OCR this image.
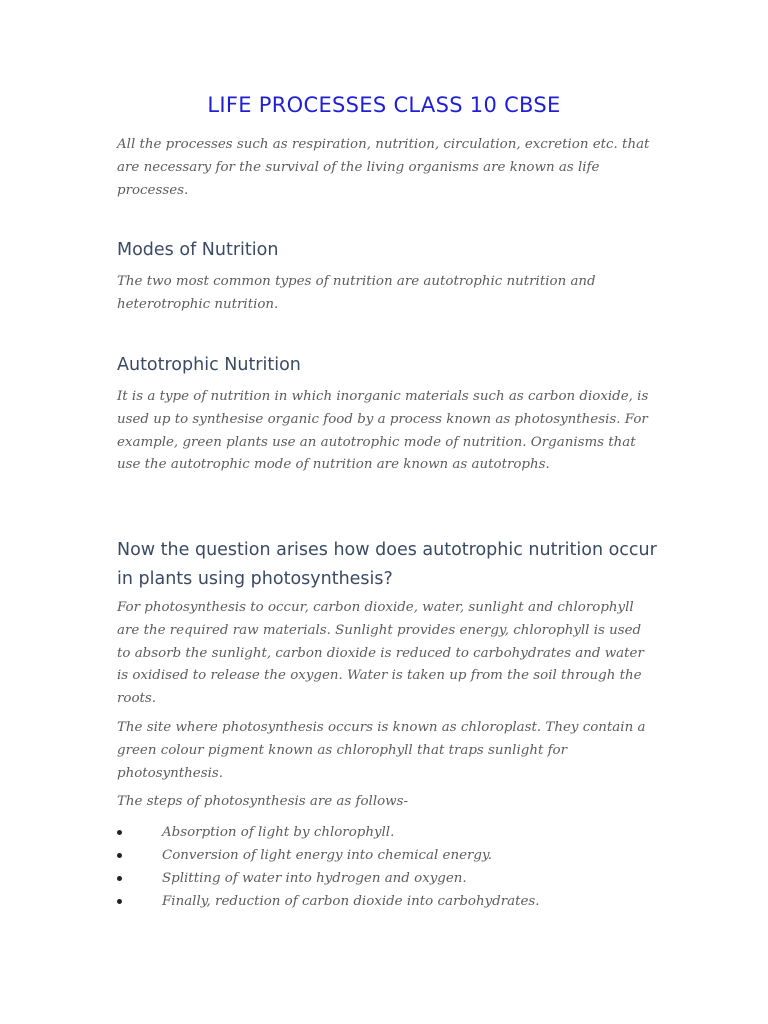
LIFE PROCESSES CLASS 10 CBSE

All the processes such as respiration, nutrition, circulation, excretion etc. that are necessary for the survival of the living organisms are known as life processes.

Modes of Nutrition

The two most common types of nutrition are autotrophic nutrition and heterotrophic nutrition.

Autotrophic Nutrition

It is a type of nutrition in which inorganic materials such as carbon dioxide, is used up to synthesise organic food by a process known as photosynthesis. For example, green plants use an autotrophic mode of nutrition. Organisms that use the autotrophic mode of nutrition are known as autotrophs.

Now the question arises how does autotrophic nutrition occur in plants using photosynthesis?

For photosynthesis to occur, carbon dioxide, water, sunlight and chlorophyll are the required raw materials. Sunlight provides energy, chlorophyll is used to absorb the sunlight, carbon dioxide is reduced to carbohydrates and water is oxidised to release the oxygen. Water is taken up from the soil through the roots.

The site where photosynthesis occurs is known as chloroplast. They contain a green colour pigment known as chlorophyll that traps sunlight for photosynthesis.

The steps of photosynthesis are as follows-

Absorption of light by chlorophyll.
Conversion of light energy into chemical energy.
Splitting of water into hydrogen and oxygen.
Finally, reduction of carbon dioxide into carbohydrates.
